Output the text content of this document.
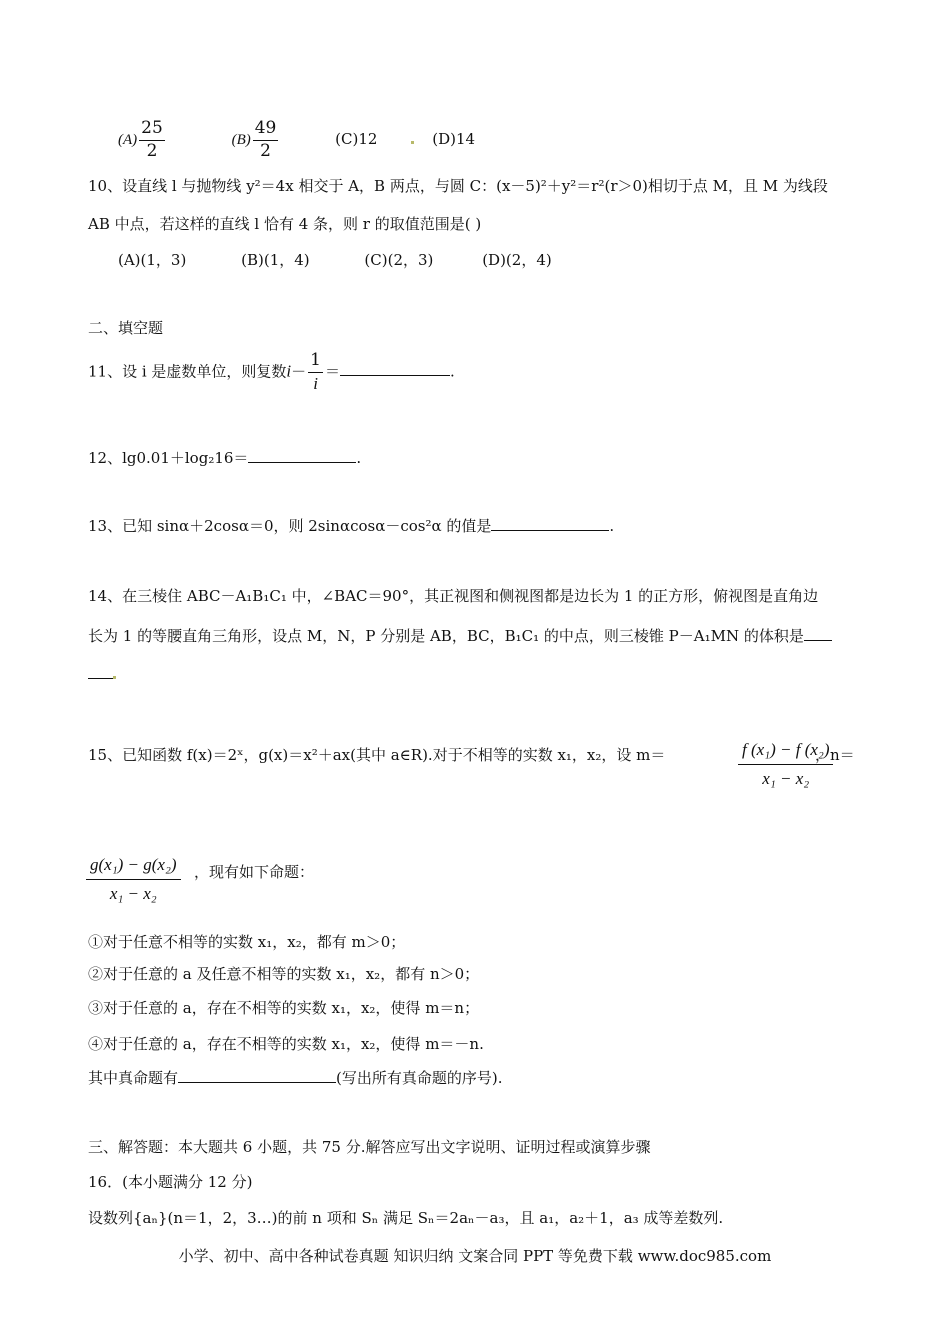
$(A) \frac{25}{2}$	$(B) \frac{49}{2}$	(C)12	(D)14
10、设直线 l 与抛物线 y²＝4x 相交于 A，B 两点，与圆 C：(x－5)²＋y²＝r²(r＞0)相切于点 M，且 M 为线段
AB 中点，若这样的直线 l 恰有 4 条，则 r 的取值范围是( )
(A)(1，3)	(B)(1，4)	(C)(2，3)	(D)(2，4)
二、填空题
11、设 i 是虚数单位，则复数$i- \frac{1}{i}$ ＝	.
12、lg0.01＋log₂16＝	.
13、已知 sinα＋2cosα＝0，则 2sinαcosα－cos²α 的值是	.
14、在三棱住 ABC－A₁B₁C₁ 中，∠BAC＝90°，其正视图和侧视图都是边长为 1 的正方形，俯视图是直角边
长为 1 的等腰直角三角形，设点 M，N，P 分别是 AB，BC，B₁C₁ 的中点，则三棱锥 P－A₁MN 的体积是
15、已知函数 f(x)＝2ˣ，g(x)＝x²＋ax(其中 a∈R).对于不相等的实数 x₁，x₂，设 m＝	f (x₁) − f (x₂)
x₁ − x₂
，n＝
g(x₁) − g(x₂)
x₁ − x₂
，现有如下命题：
①对于任意不相等的实数 x₁，x₂，都有 m＞0；
②对于任意的 a 及任意不相等的实数 x₁，x₂，都有 n＞0；
③对于任意的 a，存在不相等的实数 x₁，x₂，使得 m＝n；
④对于任意的 a，存在不相等的实数 x₁，x₂，使得 m＝－n.
其中真命题有	(写出所有真命题的序号).
三、解答题：本大题共 6 小题，共 75 分.解答应写出文字说明、证明过程或演算步骤
16．(本小题满分 12 分)
设数列{aₙ}(n＝1，2，3…)的前 n 项和 Sₙ 满足 Sₙ＝2aₙ－a₃，且 a₁，a₂＋1，a₃ 成等差数列.
小学、初中、高中各种试卷真题 知识归纳 文案合同 PPT 等免费下载 www.doc985.com
